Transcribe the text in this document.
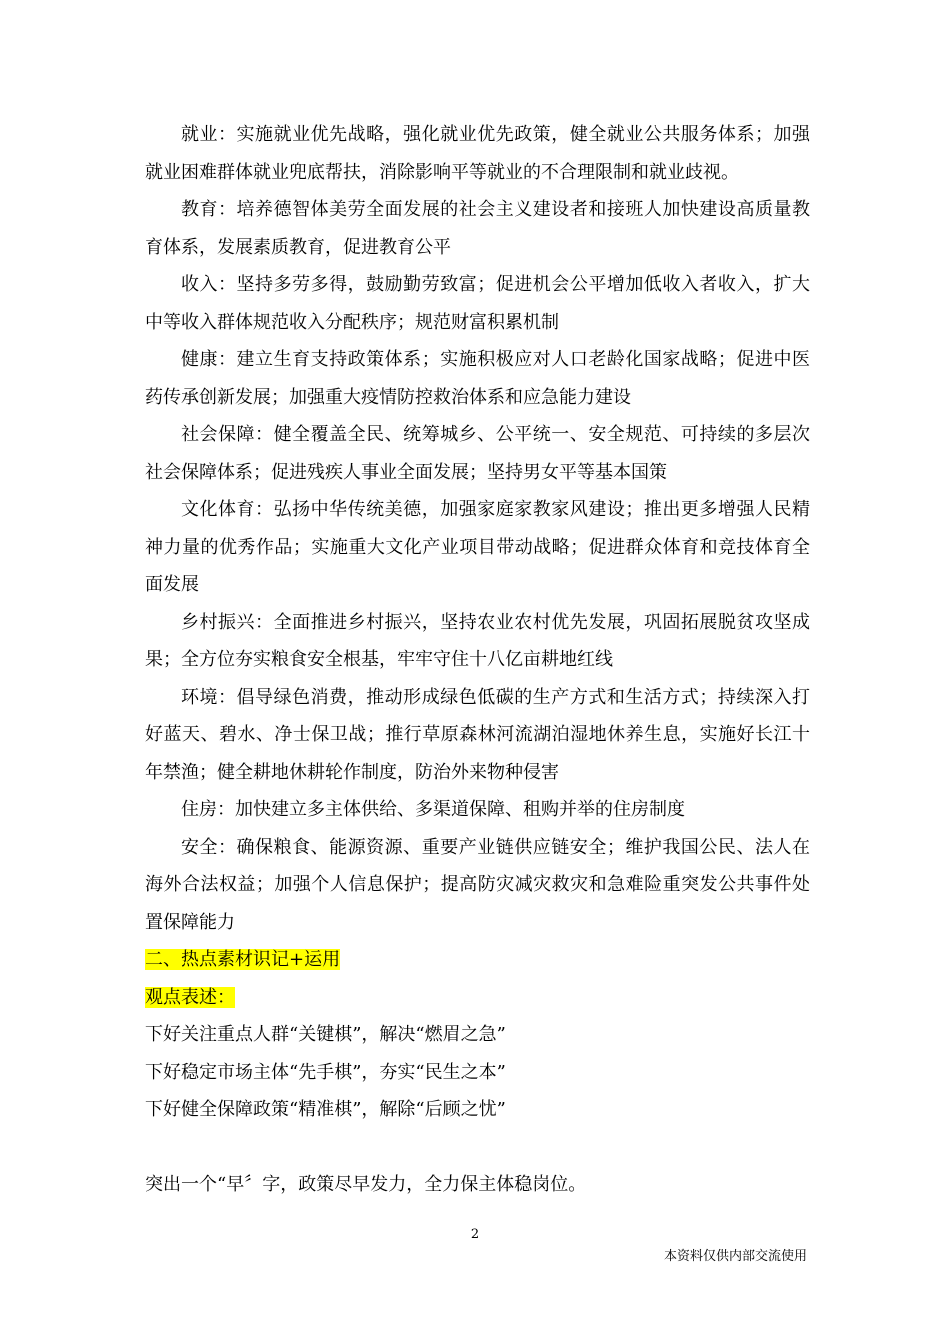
就业：实施就业优先战略，强化就业优先政策，健全就业公共服务体系；加强就业困难群体就业兜底帮扶，消除影响平等就业的不合理限制和就业歧视。

教育：培养德智体美劳全面发展的社会主义建设者和接班人加快建设高质量教育体系，发展素质教育，促进教育公平

收入：坚持多劳多得，鼓励勤劳致富；促进机会公平增加低收入者收入，扩大中等收入群体规范收入分配秩序；规范财富积累机制

健康：建立生育支持政策体系；实施积极应对人口老龄化国家战略；促进中医药传承创新发展；加强重大疫情防控救治体系和应急能力建设

社会保障：健全覆盖全民、统筹城乡、公平统一、安全规范、可持续的多层次社会保障体系；促进残疾人事业全面发展；坚持男女平等基本国策

文化体育：弘扬中华传统美德，加强家庭家教家风建设；推出更多增强人民精神力量的优秀作品；实施重大文化产业项目带动战略；促进群众体育和竞技体育全面发展

乡村振兴：全面推进乡村振兴，坚持农业农村优先发展，巩固拓展脱贫攻坚成果；全方位夯实粮食安全根基，牢牢守住十八亿亩耕地红线

环境：倡导绿色消费，推动形成绿色低碳的生产方式和生活方式；持续深入打好蓝天、碧水、净士保卫战；推行草原森林河流湖泊湿地休养生息，实施好长江十年禁渔；健全耕地休耕轮作制度，防治外来物种侵害

住房：加快建立多主体供给、多渠道保障、租购并举的住房制度

安全：确保粮食、能源资源、重要产业链供应链安全；维护我国公民、法人在海外合法权益；加强个人信息保护；提高防灾减灾救灾和急难险重突发公共事件处置保障能力

二、热点素材识记+运用

观点表述：

下好关注重点人群“关键棋”，解决“燃眉之急”

下好稳定市场主体“先手棋”，夯实“民生之本”

下好健全保障政策“精准棋”，解除“后顾之忧”

突出一个“早〞字，政策尽早发力，全力保主体稳岗位。

2
本资料仅供内部交流使用
